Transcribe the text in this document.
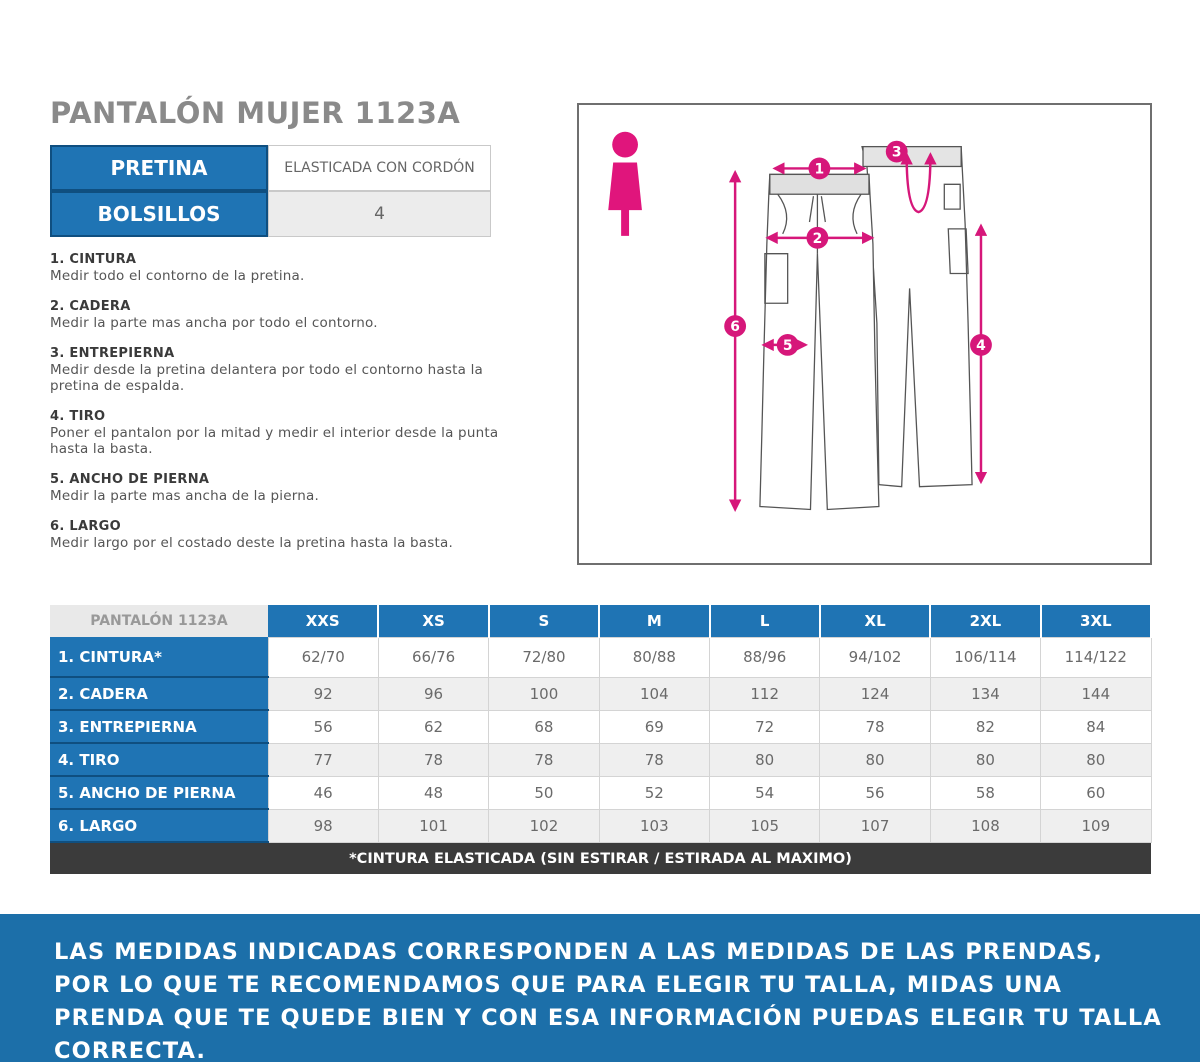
PANTALÓN MUJER 1123A
PRETINA	ELASTICADA CON CORDÓN
BOLSILLOS	4
1. CINTURA
Medir todo el contorno de la pretina.
2. CADERA
Medir la parte mas ancha por todo el contorno.
3. ENTREPIERNA
Medir desde la pretina delantera por todo el contorno hasta la pretina de espalda.
4. TIRO
Poner el pantalon por la mitad y medir el interior desde la punta hasta la basta.
5. ANCHO DE PIERNA
Medir la parte mas ancha de la pierna.
6. LARGO
Medir largo por el costado deste la pretina hasta la basta.
1
2
3
4
5
6
PANTALÓN 1123A	XXS	XS	S	M	L	XL	2XL	3XL
1. CINTURA*	62/70	66/76	72/80	80/88	88/96	94/102	106/114	114/122
2. CADERA	92	96	100	104	112	124	134	144
3. ENTREPIERNA	56	62	68	69	72	78	82	84
4. TIRO	77	78	78	78	80	80	80	80
5. ANCHO DE PIERNA	46	48	50	52	54	56	58	60
6. LARGO	98	101	102	103	105	107	108	109
*CINTURA ELASTICADA (SIN ESTIRAR / ESTIRADA AL MAXIMO)								

LAS MEDIDAS INDICADAS CORRESPONDEN A LAS MEDIDAS DE LAS PRENDAS, POR LO QUE TE RECOMENDAMOS QUE PARA ELEGIR TU TALLA, MIDAS UNA PRENDA QUE TE QUEDE BIEN Y CON ESA INFORMACIÓN PUEDAS ELEGIR TU TALLA CORRECTA.
